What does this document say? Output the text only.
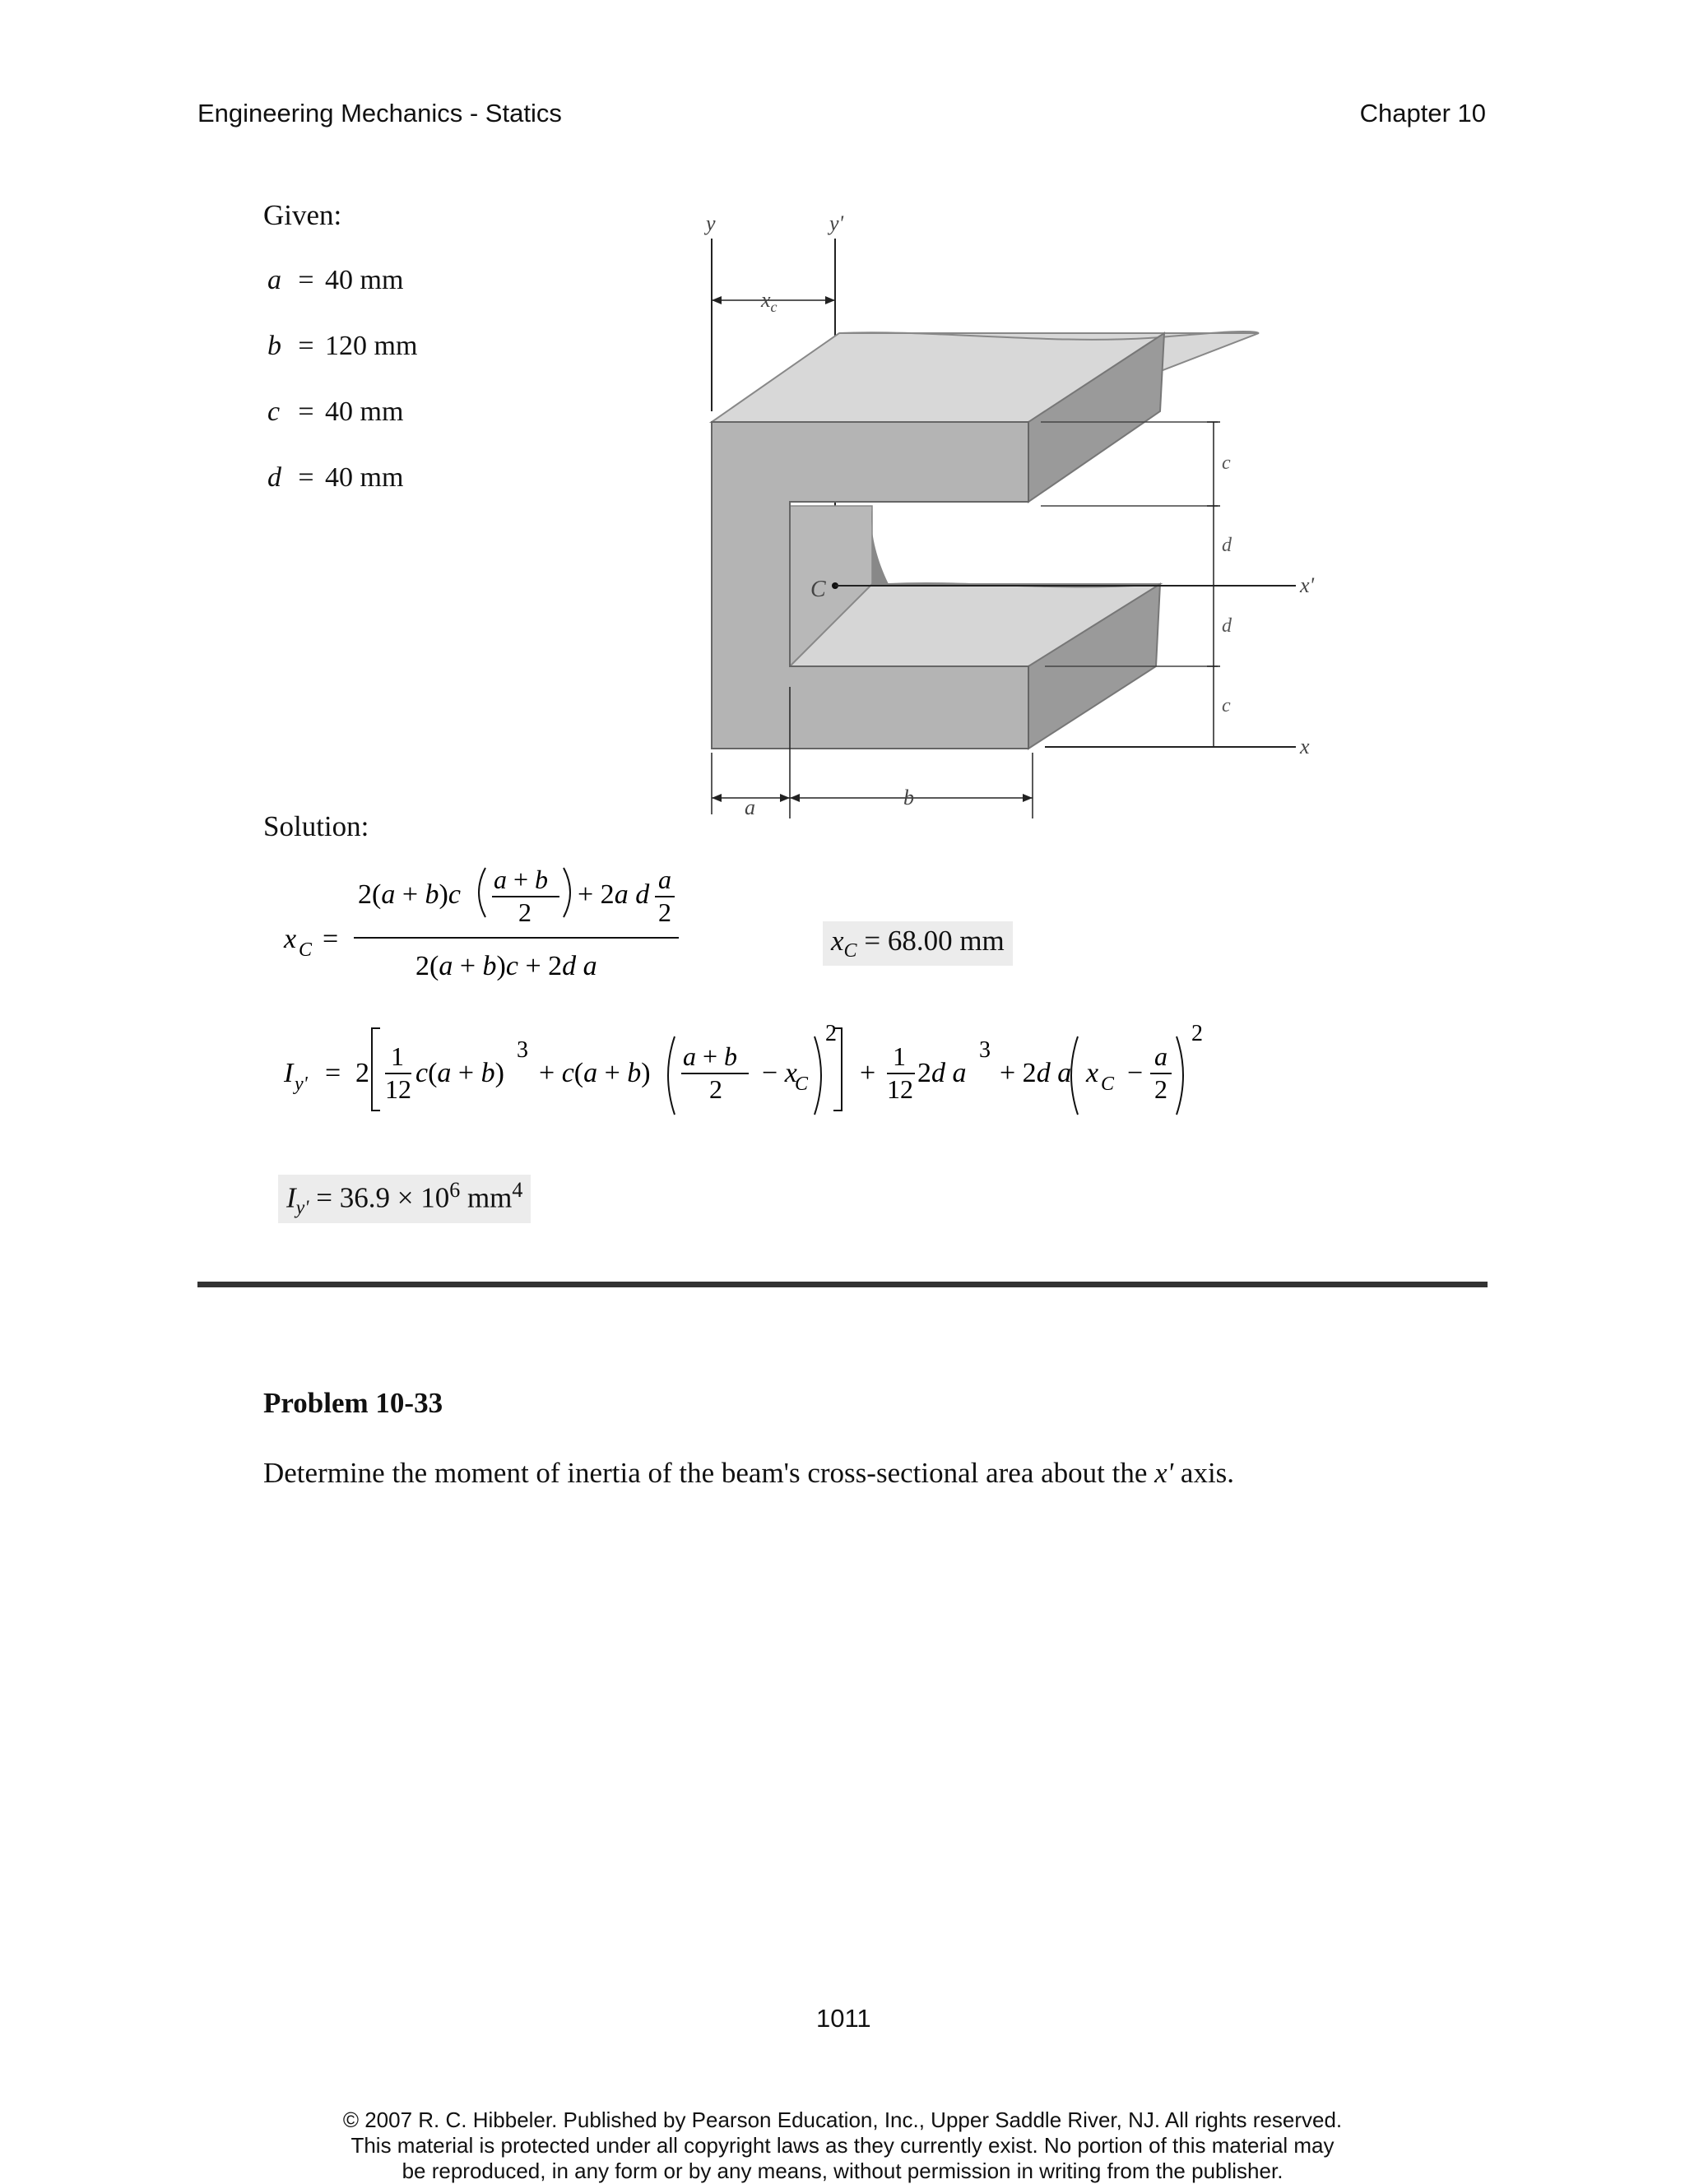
Engineering Mechanics - Statics	Chapter 10
Given:
a = 40 mm
b = 120 mm
c = 40 mm
d = 40 mm
y	y'
$x_c$
C	x'
x
c
d
d
c
a	b
Solution:
x C =
2(a + b)c a + b
2
+ 2a d a
2
2(a + b)c + 2d a
$x_C = 68.00$ mm
I y' = 2
1
12
c(a + b)
3
+ c(a + b)
a + b
2
− x
C
2
+
1
12
2d a
3
+ 2d a x C −
a
2
2
$I_{y'} = 36.9 \times 10^6$ $mm^4$
Problem 10-33
Determine the moment of inertia of the beam's cross-sectional area about the x' axis.
1011
© 2007 R. C. Hibbeler. Published by Pearson Education, Inc., Upper Saddle River, NJ. All rights reserved.
This material is protected under all copyright laws as they currently exist. No portion of this material may
be reproduced, in any form or by any means, without permission in writing from the publisher.
